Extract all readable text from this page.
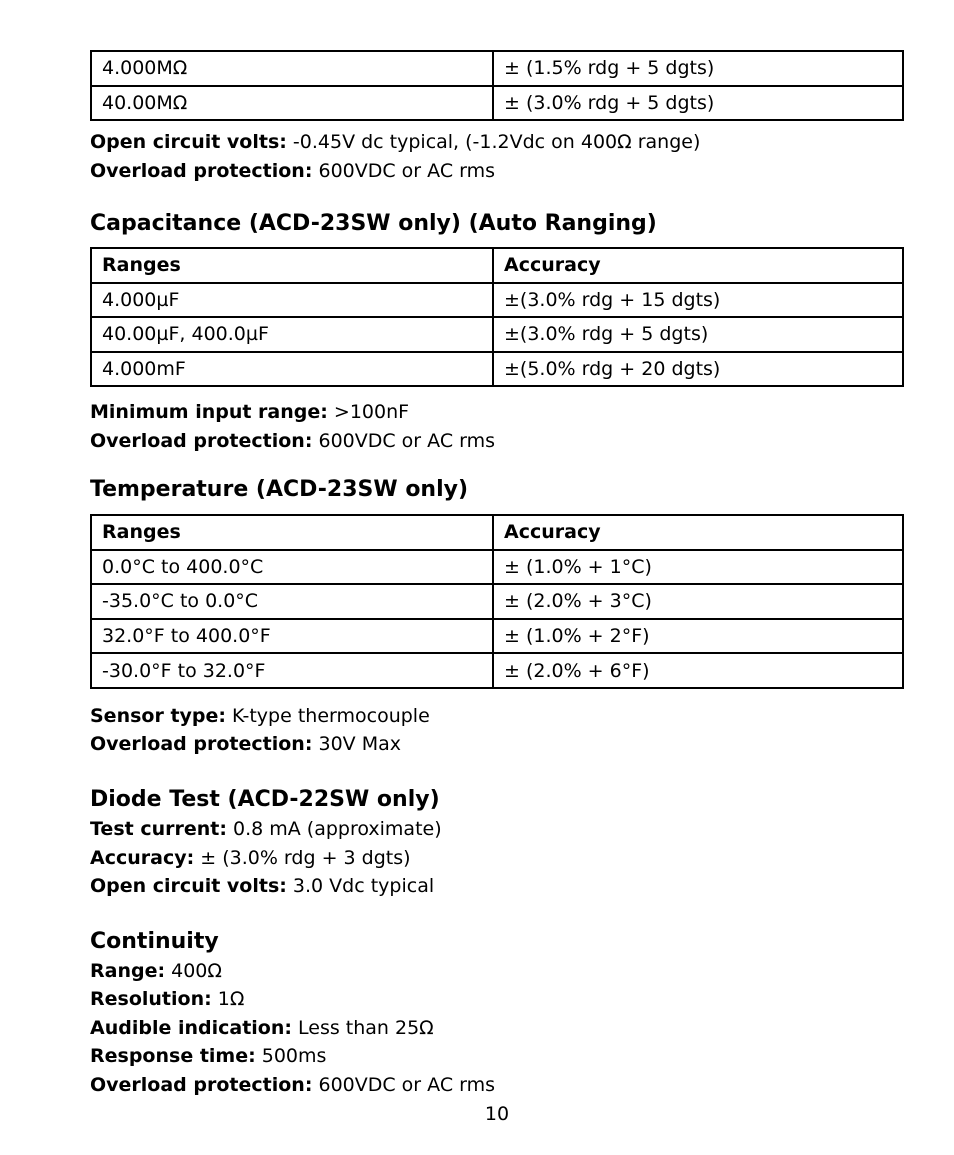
4.000MΩ	± (1.5% rdg + 5 dgts)
40.00MΩ	± (3.0% rdg + 5 dgts)
Open circuit volts: -0.45V dc typical, (-1.2Vdc on 400Ω range)
Overload protection: 600VDC or AC rms
Capacitance (ACD-23SW only) (Auto Ranging)
Ranges	Accuracy
4.000µF	±(3.0% rdg + 15 dgts)
40.00µF, 400.0µF	±(3.0% rdg + 5 dgts)
4.000mF	±(5.0% rdg + 20 dgts)
Minimum input range: >100nF
Overload protection: 600VDC or AC rms
Temperature (ACD-23SW only)
Ranges	Accuracy
0.0°C to 400.0°C	± (1.0% + 1°C)
-35.0°C to 0.0°C	± (2.0% + 3°C)
32.0°F to 400.0°F	± (1.0% + 2°F)
-30.0°F to 32.0°F	± (2.0% + 6°F)
Sensor type: K-type thermocouple
Overload protection: 30V Max
Diode Test (ACD-22SW only)
Test current: 0.8 mA (approximate)
Accuracy: ± (3.0% rdg + 3 dgts)
Open circuit volts: 3.0 Vdc typical
Continuity
Range: 400Ω
Resolution: 1Ω
Audible indication: Less than 25Ω
Response time: 500ms
Overload protection: 600VDC or AC rms
10
